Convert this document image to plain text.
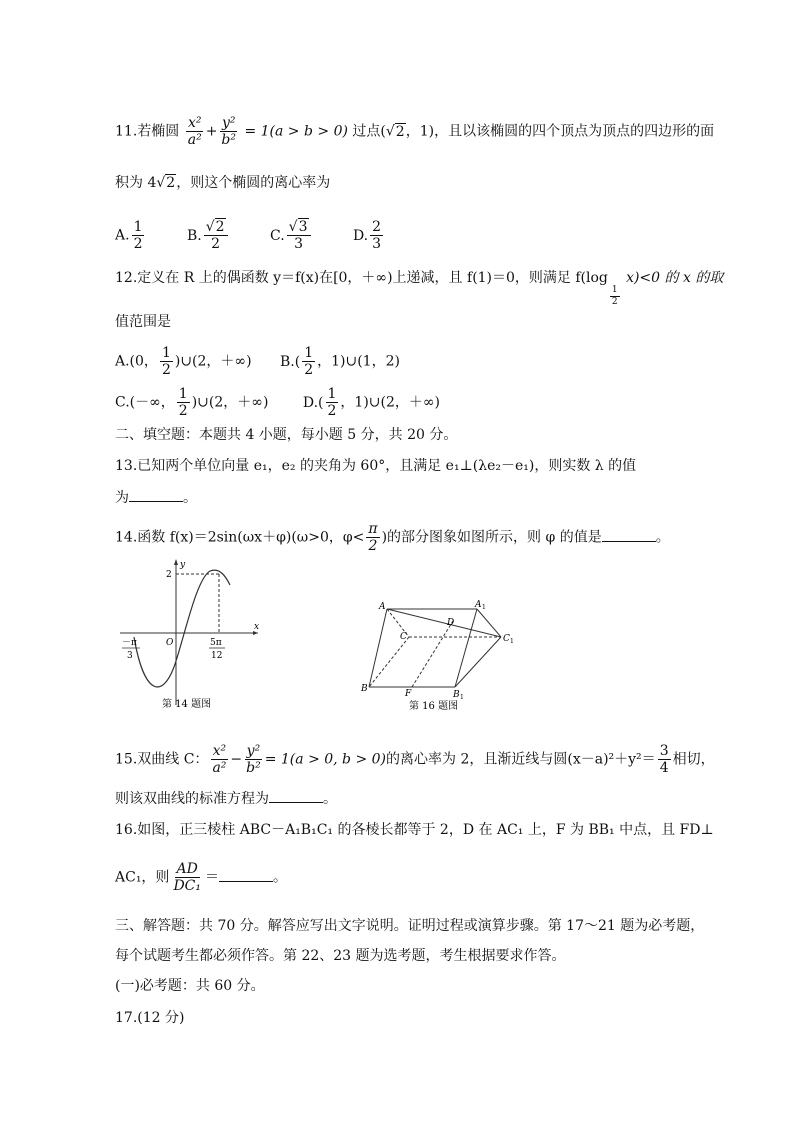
11.若椭圆 $\frac{\text{x²}}{\text{a²}} + \frac{\text{y²}}{\text{b²}} = 1(a > b > 0)$ 过点(√2，1)，且以该椭圆的四个顶点为顶点的四边形的面
积为 4√2，则这个椭圆的离心率为
A. $\frac{1}{2}$	B. $\frac{√2}{2}$	C. $\frac{√3}{3}$	D. $\frac{2}{3}$
12.定义在 R 上的偶函数 y＝f(x)在[0，＋∞)上递减，且 f(1)＝0，则满足 f(log
$\frac{1}{2}$
x)<0 的 x 的取
值范围是
A.(0， $\frac{1}{2}$ )∪(2，＋∞) $B.( \frac{1}{2}$ ，1)∪(1，2)
C.(－∞， $\frac{1}{2}$ )∪(2，＋∞) $D.( \frac{1}{2}$ ，1)∪(2，＋∞)
二、填空题：本题共 4 小题，每小题 5 分，共 20 分。
13.已知两个单位向量 e₁，e₂ 的夹角为 60°，且满足 e₁⊥(λe₂－e₁)，则实数 λ 的值
为	。
14.函数 f(x)＝2sin(ωx＋φ)(ω>0，$\varphi< \frac{\pi}{2}$ )的部分图象如图所示，则 φ 的值是	。
y
x
2
O
－π
3
5π
12
第 14 题图
A	A 1
C	C 1
D
B	F	B 1
第 16 题图
15.双曲线 C： $\frac{\text{x²}}{\text{a²}} - \frac{\text{y²}}{\text{b²}} = 1(a > 0$, b > 0)的离心率为 2，且渐近线与圆$(x-a)^2+y^2= \frac{3}{4}$ 相切，
则该双曲线的标准方程为	。
16.如图，正三棱柱 ABC－A₁B₁C₁ 的各棱长都等于 2，D 在 AC₁ 上，F 为 BB₁ 中点，且 FD⊥
AC₁，则 $\frac{AD}{\text{DC₁}}$ ＝	。
三、解答题：共 70 分。解答应写出文字说明。证明过程或演算步骤。第 17～21 题为必考题，
每个试题考生都必须作答。第 22、23 题为选考题，考生根据要求作答。
(一)必考题：共 60 分。
17.(12 分)
